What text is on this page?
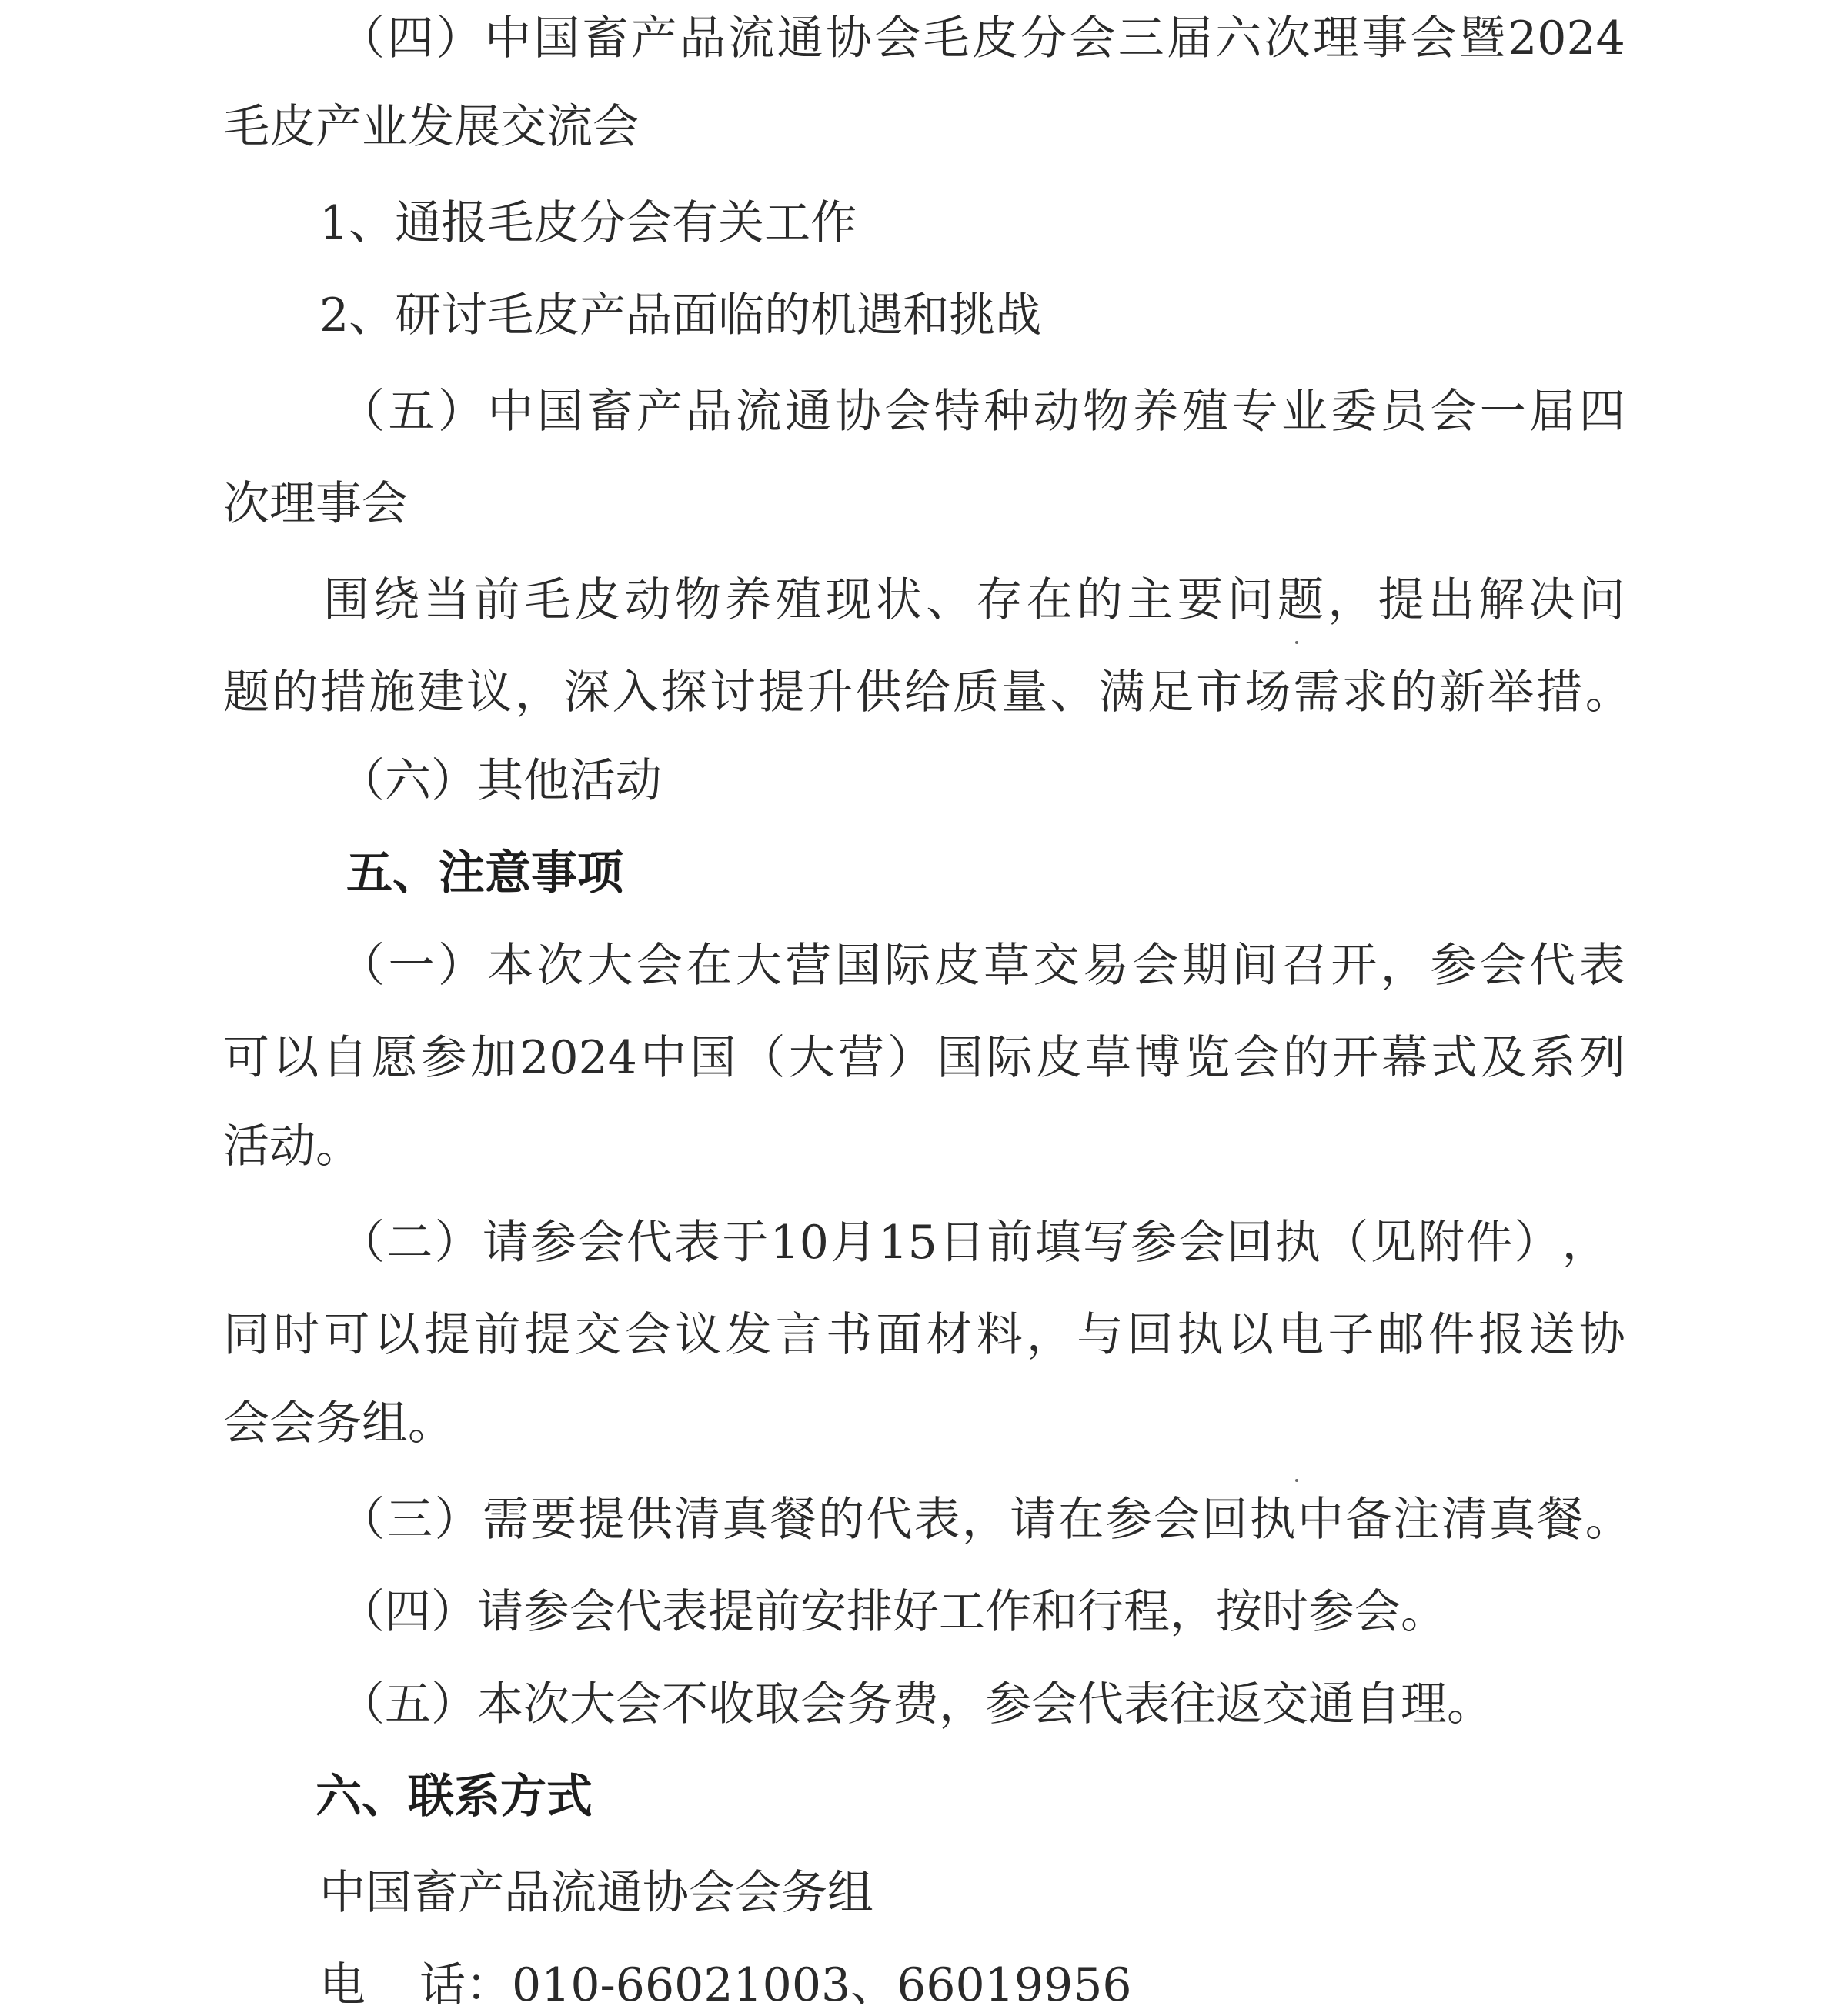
（ 四 ） 中 国 畜 产 品 流 通 协 会 毛 皮 分 会 三 届 六 次 理 事 会 暨 2024
毛皮产业发展交流会
1、通报毛皮分会有关工作
2、研讨毛皮产品面临的机遇和挑战
（ 五 ） 中 国 畜 产 品 流 通 协 会 特 种 动 物 养 殖 专 业 委 员 会 一 届 四
次理事会
围 绕 当 前 毛 皮 动 物 养 殖 现 状 、 存 在 的 主 要 问 题 ， 提 出 解 决 问
题 的 措 施 建 议 ， 深 入 探 讨 提 升 供 给 质 量 、 满 足 市 场 需 求 的 新 举 措 。
（六）其他活动
五、注意事项
（ 一 ） 本 次 大 会 在 大 营 国 际 皮 草 交 易 会 期 间 召 开 ， 参 会 代 表
可 以 自 愿 参 加 2024 中 国 （ 大 营 ） 国 际 皮 草 博 览 会 的 开 幕 式 及 系 列
活动。
（ 二 ） 请 参 会 代 表 于 10 月 15 日 前 填 写 参 会 回 执 （ 见 附 件 ） ，
同 时 可 以 提 前 提 交 会 议 发 言 书 面 材 料 ， 与 回 执 以 电 子 邮 件 报 送 协
会会务组。
（ 三 ） 需 要 提 供 清 真 餐 的 代 表 ， 请 在 参 会 回 执 中 备 注 清 真 餐 。
（四）请参会代表提前安排好工作和行程，按时参会。
（五）本次大会不收取会务费，参会代表往返交通自理。
六、联系方式
中国畜产品流通协会会务组
电 话：010-66021003、66019956
